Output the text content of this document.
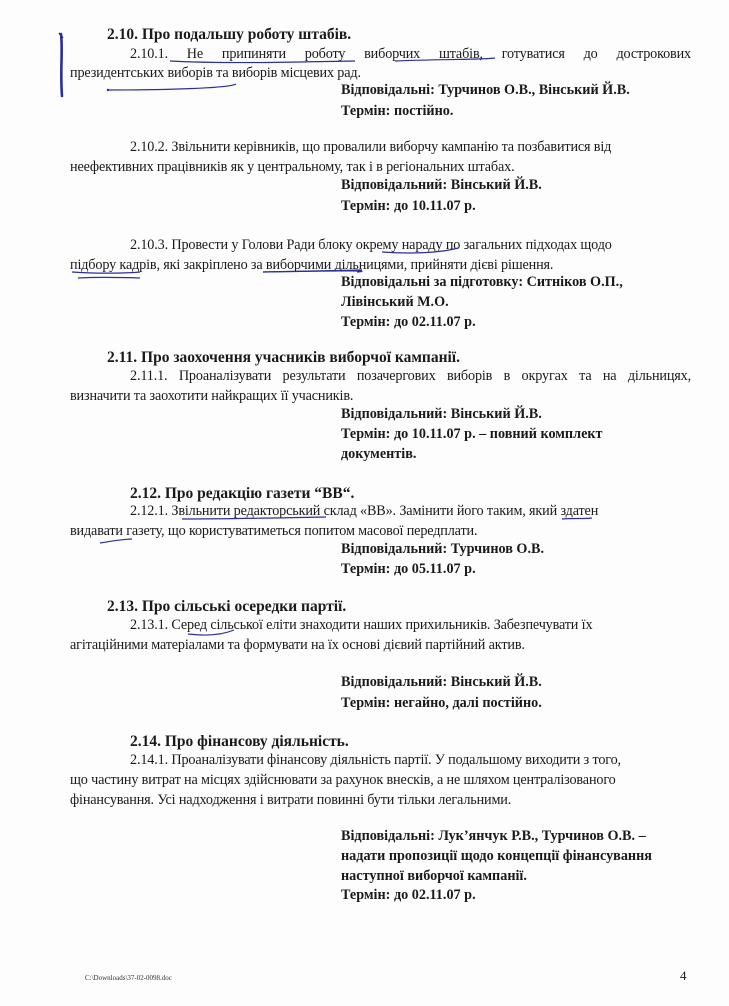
2.10. Про подальшу роботу штабів.
2.10.1. Не припиняти роботу виборчих штабів, готуватися до дострокових
президентських виборів та виборів місцевих рад.
Відповідальні: Турчинов О.В., Вінський Й.В.
Термін: постійно.
2.10.2. Звільнити керівників, що провалили виборчу кампанію та позбавитися від
неефективних працівників як у центральному, так і в регіональних штабах.
Відповідальний: Вінський Й.В.
Термін: до 10.11.07 р.
2.10.3. Провести у Голови Ради блоку окрему нараду по загальних підходах щодо
підбору кадрів, які закріплено за виборчими дільницями, прийняти дієві рішення.
Відповідальні за підготовку: Ситніков О.П.,
Лівінський М.О.
Термін: до 02.11.07 р.
2.11. Про заохочення учасників виборчої кампанії.
2.11.1. Проаналізувати результати позачергових виборів в округах та на дільницях,
визначити та заохотити найкращих її учасників.
Відповідальний: Вінський Й.В.
Термін: до 10.11.07 р. – повний комплект
документів.
2.12. Про редакцію газети “ВВ“.
2.12.1. Звільнити редакторський склад «ВВ». Замінити його таким, який здатен
видавати газету, що користуватиметься попитом масової передплати.
Відповідальний: Турчинов О.В.
Термін: до 05.11.07 р.
2.13. Про сільські осередки партії.
2.13.1. Серед сільської еліти знаходити наших прихильників. Забезпечувати їх
агітаційними матеріалами та формувати на їх основі дієвий партійний актив.
Відповідальний: Вінський Й.В.
Термін: негайно, далі постійно.
2.14. Про фінансову діяльність.
2.14.1. Проаналізувати фінансову діяльність партії. У подальшому виходити з того,
що частину витрат на місцях здійснювати за рахунок внесків, а не шляхом централізованого
фінансування. Усі надходження і витрати повинні бути тільки легальними.
Відповідальні: Лук’янчук Р.В., Турчинов О.В. –
надати пропозиції щодо концепції фінансування
наступної виборчої кампанії.
Термін: до 02.11.07 р.
C:\Downloads\37-02-0098.doc	4
